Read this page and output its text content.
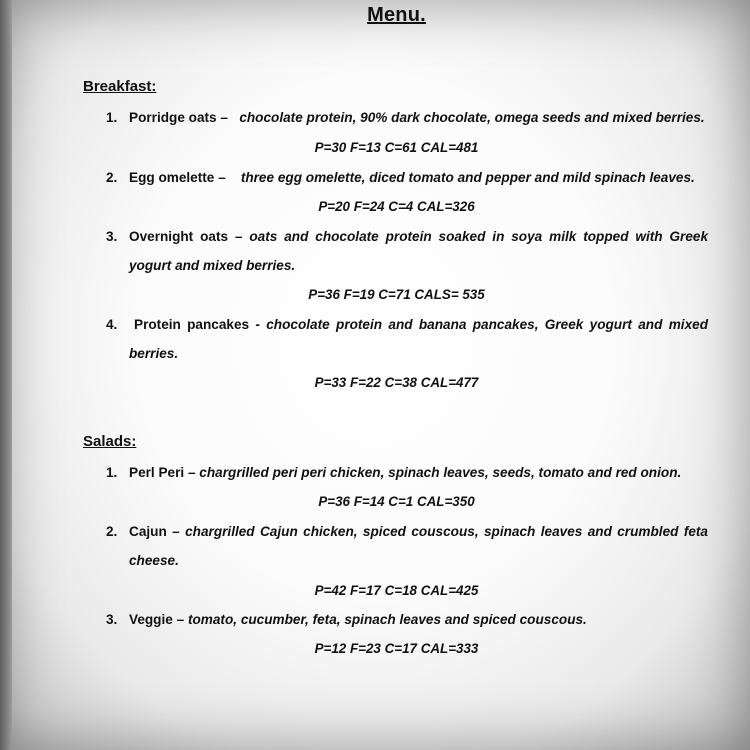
Menu.
Breakfast:
1. Porridge oats – chocolate protein, 90% dark chocolate, omega seeds and mixed berries.
P=30 F=13 C=61 CAL=481
2. Egg omelette – three egg omelette, diced tomato and pepper and mild spinach leaves.
P=20 F=24 C=4 CAL=326
3. Overnight oats – oats and chocolate protein soaked in soya milk topped with Greek
yogurt and mixed berries.
P=36 F=19 C=71 CALS= 535
4. Protein pancakes - chocolate protein and banana pancakes, Greek yogurt and mixed
berries.
P=33 F=22 C=38 CAL=477
Salads:
1. Perl Peri – chargrilled peri peri chicken, spinach leaves, seeds, tomato and red onion.
P=36 F=14 C=1 CAL=350
2. Cajun – chargrilled Cajun chicken, spiced couscous, spinach leaves and crumbled feta
cheese.
P=42 F=17 C=18 CAL=425
3. Veggie – tomato, cucumber, feta, spinach leaves and spiced couscous.
P=12 F=23 C=17 CAL=333
